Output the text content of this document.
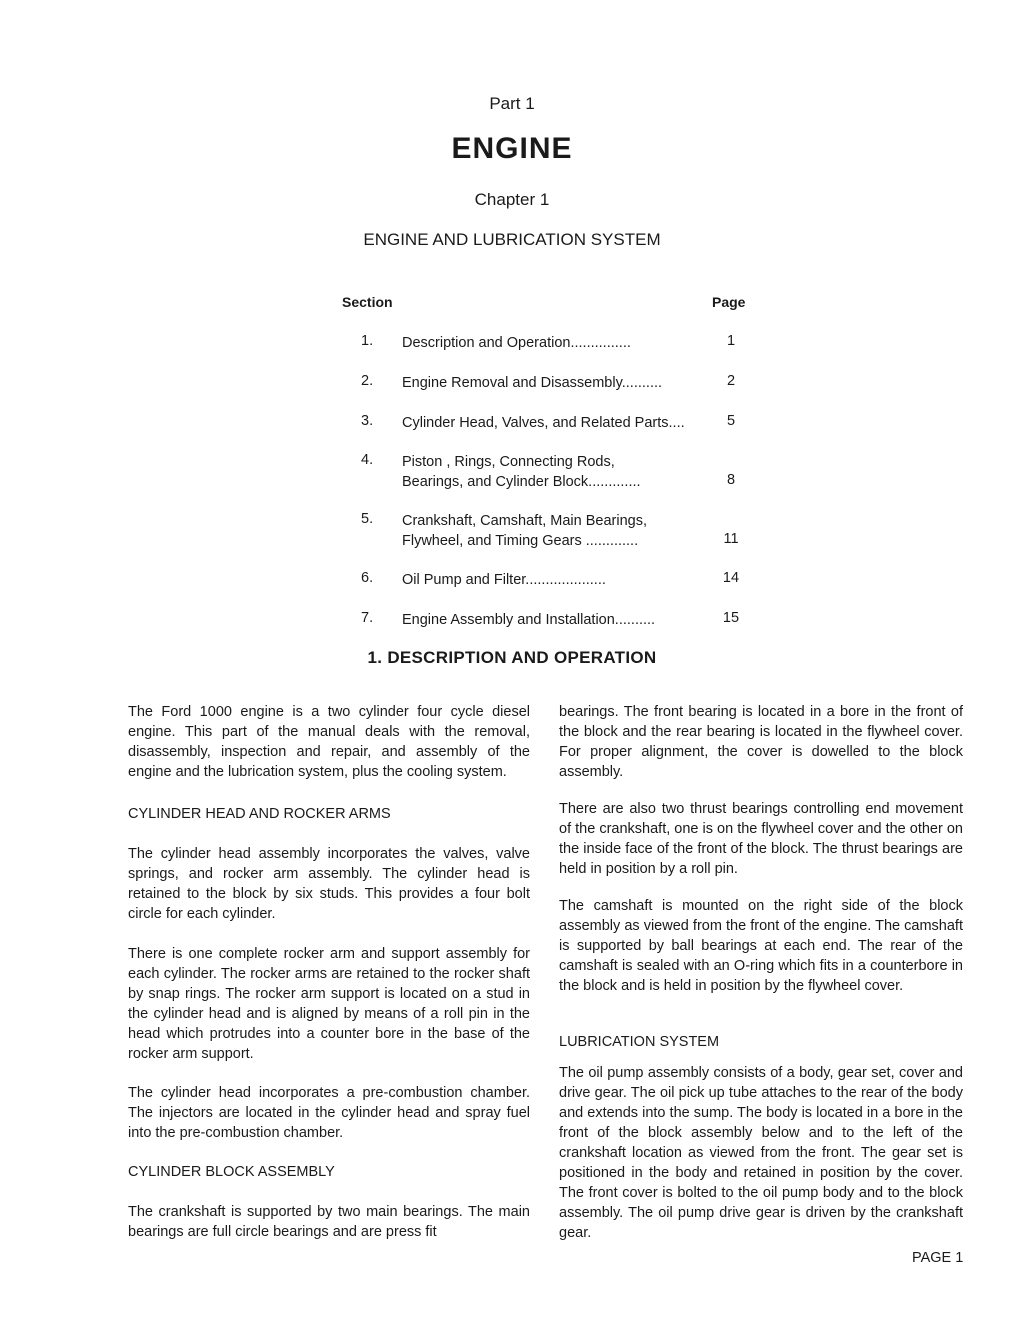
Part 1
ENGINE
Chapter 1
ENGINE AND LUBRICATION SYSTEM
Section	Page
1. Description and Operation...............	1
2. Engine Removal and Disassembly..........	2
3. Cylinder Head, Valves, and Related Parts....	5
4. Piston , Rings, Connecting Rods,
Bearings, and Cylinder Block.............	8
5. Crankshaft, Camshaft, Main Bearings,
Flywheel, and Timing Gears .............	11
6. Oil Pump and Filter....................	14
7. Engine Assembly and Installation..........	15
1. DESCRIPTION AND OPERATION

The Ford 1000 engine is a two cylinder four cycle diesel engine. This part of the manual deals with the removal, disassembly, inspection and repair, and assembly of the engine and the lubrication system, plus the cooling system.

CYLINDER HEAD AND ROCKER ARMS

The cylinder head assembly incorporates the valves, valve springs, and rocker arm assembly. The cylinder head is retained to the block by six studs. This provides a four bolt circle for each cylinder.

There is one complete rocker arm and support assembly for each cylinder. The rocker arms are retained to the rocker shaft by snap rings. The rocker arm support is located on a stud in the cylinder head and is aligned by means of a roll pin in the head which protrudes into a counter bore in the base of the rocker arm support.

The cylinder head incorporates a pre-combustion chamber. The injectors are located in the cylinder head and spray fuel into the pre-combustion chamber.

CYLINDER BLOCK ASSEMBLY

The crankshaft is supported by two main bearings. The main bearings are full circle bearings and are press fit

bearings. The front bearing is located in a bore in the front of the block and the rear bearing is located in the flywheel cover. For proper alignment, the cover is dowelled to the block assembly.

There are also two thrust bearings controlling end movement of the crankshaft, one is on the flywheel cover and the other on the inside face of the front of the block. The thrust bearings are held in position by a roll pin.

The camshaft is mounted on the right side of the block assembly as viewed from the front of the engine. The camshaft is supported by ball bearings at each end. The rear of the camshaft is sealed with an O-ring which fits in a counterbore in the block and is held in position by the flywheel cover.

LUBRICATION SYSTEM

The oil pump assembly consists of a body, gear set, cover and drive gear. The oil pick up tube attaches to the rear of the body and extends into the sump. The body is located in a bore in the front of the block assembly below and to the left of the crankshaft location as viewed from the front. The gear set is positioned in the body and retained in position by the cover. The front cover is bolted to the oil pump body and to the block assembly. The oil pump drive gear is driven by the crankshaft gear.

PAGE 1
